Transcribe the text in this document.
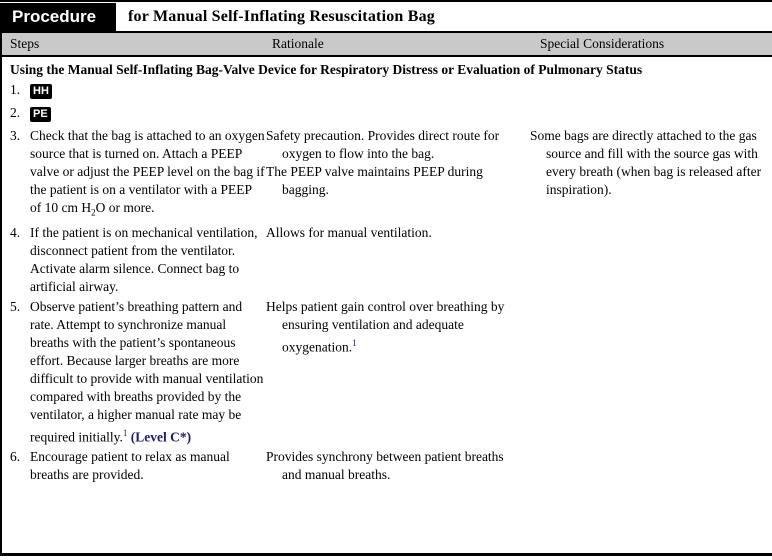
Procedure for Manual Self-Inflating Resuscitation Bag
Steps	Rationale	Special Considerations

Using the Manual Self-Inflating Bag-Valve Device for Respiratory Distress or Evaluation of Pulmonary Status

1. HH

2. PE

3. Check that the bag is attached to an oxygen source that is turned on. Attach a PEEP valve or adjust the PEEP level on the bag if the patient is on a ventilator with a PEEP of 10 cm $H_2O$ or more.

Safety precaution. Provides direct route for oxygen to flow into the bag.

The PEEP valve maintains PEEP during bagging.

Some bags are directly attached to the gas source and fill with the source gas with every breath (when bag is released after inspiration).

4. If the patient is on mechanical ventilation, disconnect patient from the ventilator. Activate alarm silence. Connect bag to artificial airway.

Allows for manual ventilation.

5. Observe patient’s breathing pattern and rate. Attempt to synchronize manual breaths with the patient’s spontaneous effort. Because larger breaths are more difficult to provide with manual ventilation compared with breaths provided by the ventilator, a higher manual rate may be required initially.$^1$ (Level C*)

Helps patient gain control over breathing by ensuring ventilation and adequate oxygenation.$^1$

6. Encourage patient to relax as manual breaths are provided.

Provides synchrony between patient breaths and manual breaths.
